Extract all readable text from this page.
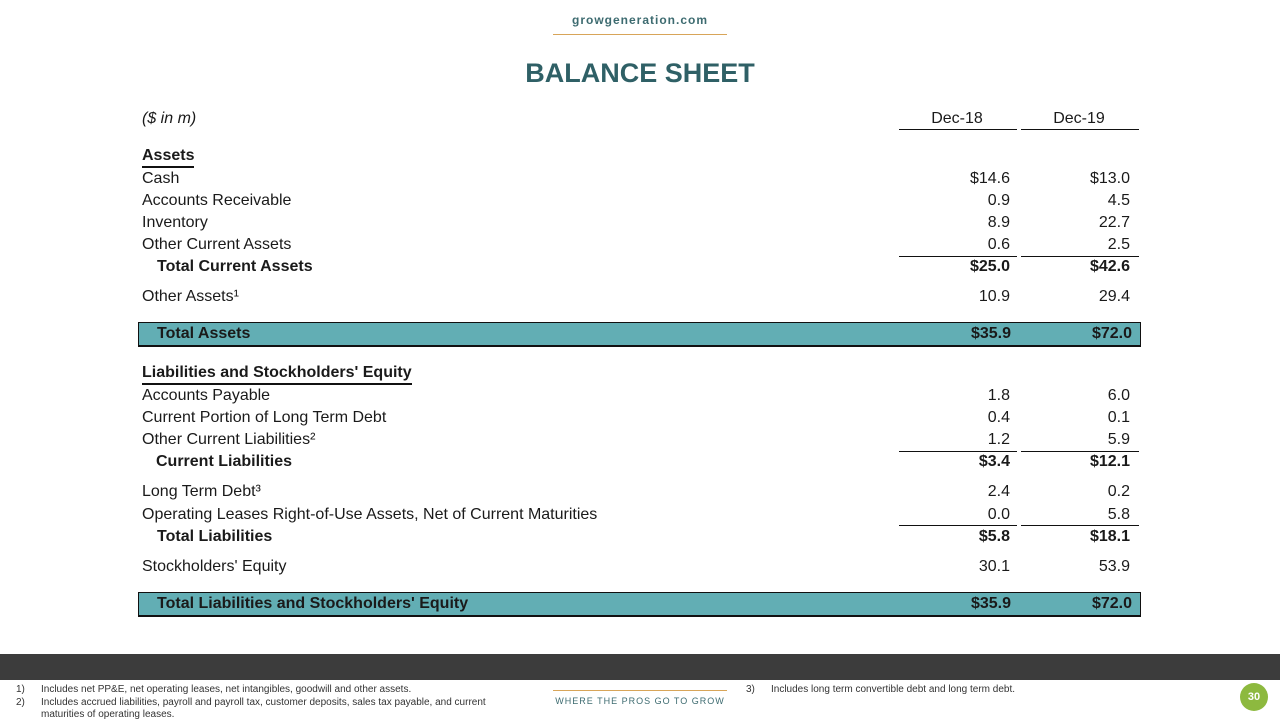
growgeneration.com
BALANCE SHEET
($ in m)	Dec-18	Dec-19
Assets
Cash	$14.6	$13.0
Accounts Receivable	0.9	4.5
Inventory	8.9	22.7
Other Current Assets	0.6	2.5
Total Current Assets	$25.0	$42.6
Other Assets¹	10.9	29.4
Total Assets	$35.9	$72.0
Liabilities and Stockholders' Equity
Accounts Payable	1.8	6.0
Current Portion of Long Term Debt	0.4	0.1
Other Current Liabilities²	1.2	5.9
Current Liabilities	$3.4	$12.1
Long Term Debt³	2.4	0.2
Operating Leases Right-of-Use Assets, Net of Current Maturities	0.0	5.8
Total Liabilities	$5.8	$18.1
Stockholders' Equity	30.1	53.9
Total Liabilities and Stockholders' Equity	$35.9	$72.0
1) Includes net PP&E, net operating leases, net intangibles, goodwill and other assets.
2) Includes accrued liabilities, payroll and payroll tax, customer deposits, sales tax payable, and current
maturities of operating leases.
3) Includes long term convertible debt and long term debt.
WHERE THE PROS GO TO GROW	30
